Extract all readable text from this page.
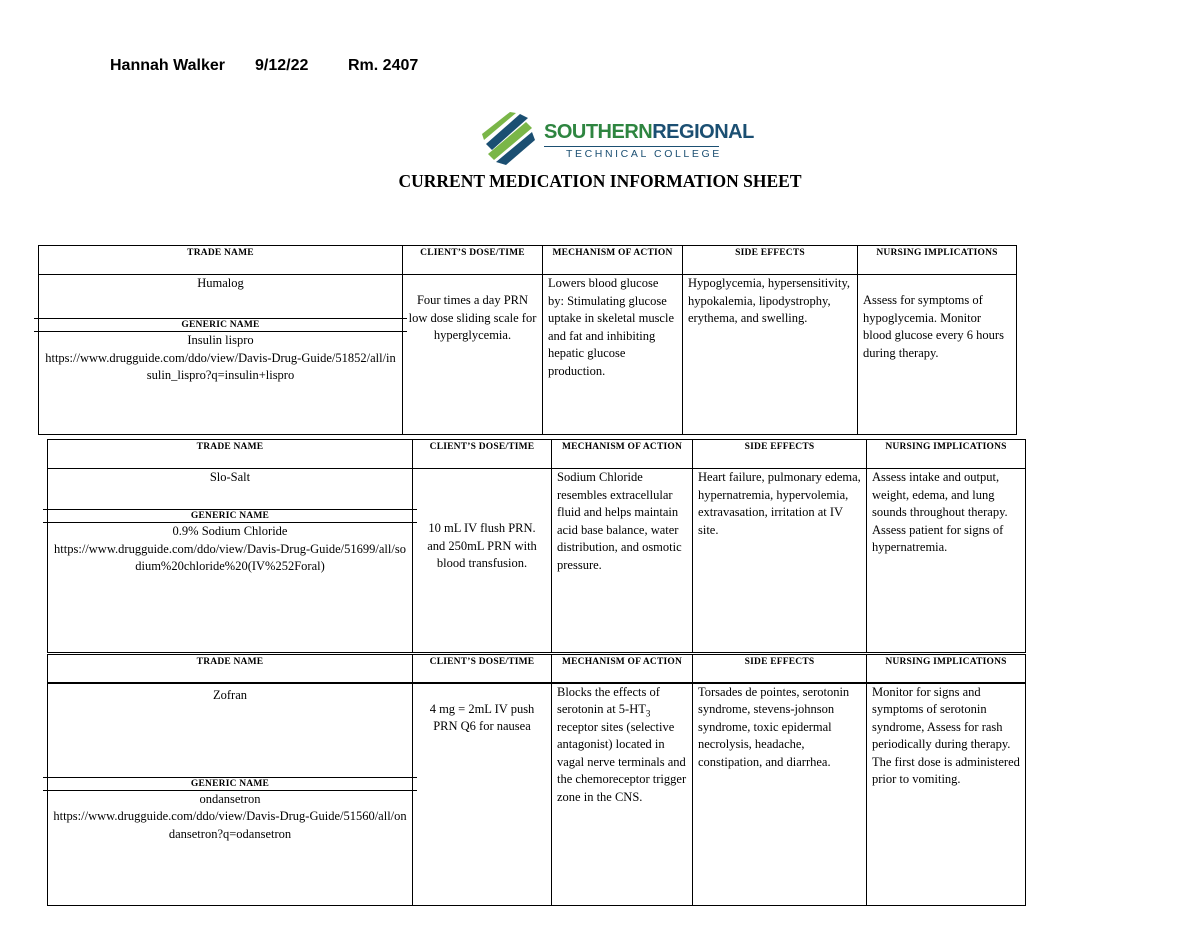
Hannah Walker 9/12/22 Rm. 2407
SOUTHERNREGIONAL
TECHNICAL COLLEGE
CURRENT MEDICATION INFORMATION SHEET
TRADE NAME	CLIENT’S DOSE/TIME	MECHANISM OF ACTION	SIDE EFFECTS	NURSING IMPLICATIONS

Humalog
GENERIC NAME
Insulin lispro
https://www.drugguide.com/ddo/view/Davis-Drug-Guide/51852/all/insulin_lispro?q=insulin+lispro	Four times a day PRN low dose sliding scale for hyperglycemia.	Lowers blood glucose by: Stimulating glucose uptake in skeletal muscle and fat and inhibiting hepatic glucose production.	Hypoglycemia, hypersensitivity, hypokalemia, lipodystrophy, erythema, and swelling.	Assess for symptoms of hypoglycemia. Monitor blood glucose every 6 hours during therapy.
TRADE NAME	CLIENT’S DOSE/TIME	MECHANISM OF ACTION	SIDE EFFECTS	NURSING IMPLICATIONS

Slo-Salt
GENERIC NAME
0.9% Sodium Chloride
https://www.drugguide.com/ddo/view/Davis-Drug-Guide/51699/all/sodium%20chloride%20(IV%252Foral)	10 mL IV flush PRN. and 250mL PRN with blood transfusion.	Sodium Chloride resembles extracellular fluid and helps maintain acid base balance, water distribution, and osmotic pressure.	Heart failure, pulmonary edema, hypernatremia, hypervolemia, extravasation, irritation at IV site.	Assess intake and output, weight, edema, and lung sounds throughout therapy. Assess patient for signs of hypernatremia.
TRADE NAME	CLIENT’S DOSE/TIME	MECHANISM OF ACTION	SIDE EFFECTS	NURSING IMPLICATIONS

Zofran
GENERIC NAME
ondansetron
https://www.drugguide.com/ddo/view/Davis-Drug-Guide/51560/all/ondansetron?q=odansetron	4 mg = 2mL IV push PRN Q6 for nausea	Blocks the effects of serotonin at $5-HT_3$ receptor sites (selective antagonist) located in vagal nerve terminals and the chemoreceptor trigger zone in the CNS.	Torsades de pointes, serotonin syndrome, stevens-johnson syndrome, toxic epidermal necrolysis, headache, constipation, and diarrhea.	Monitor for signs and symptoms of serotonin syndrome, Assess for rash periodically during therapy. The first dose is administered prior to vomiting.
